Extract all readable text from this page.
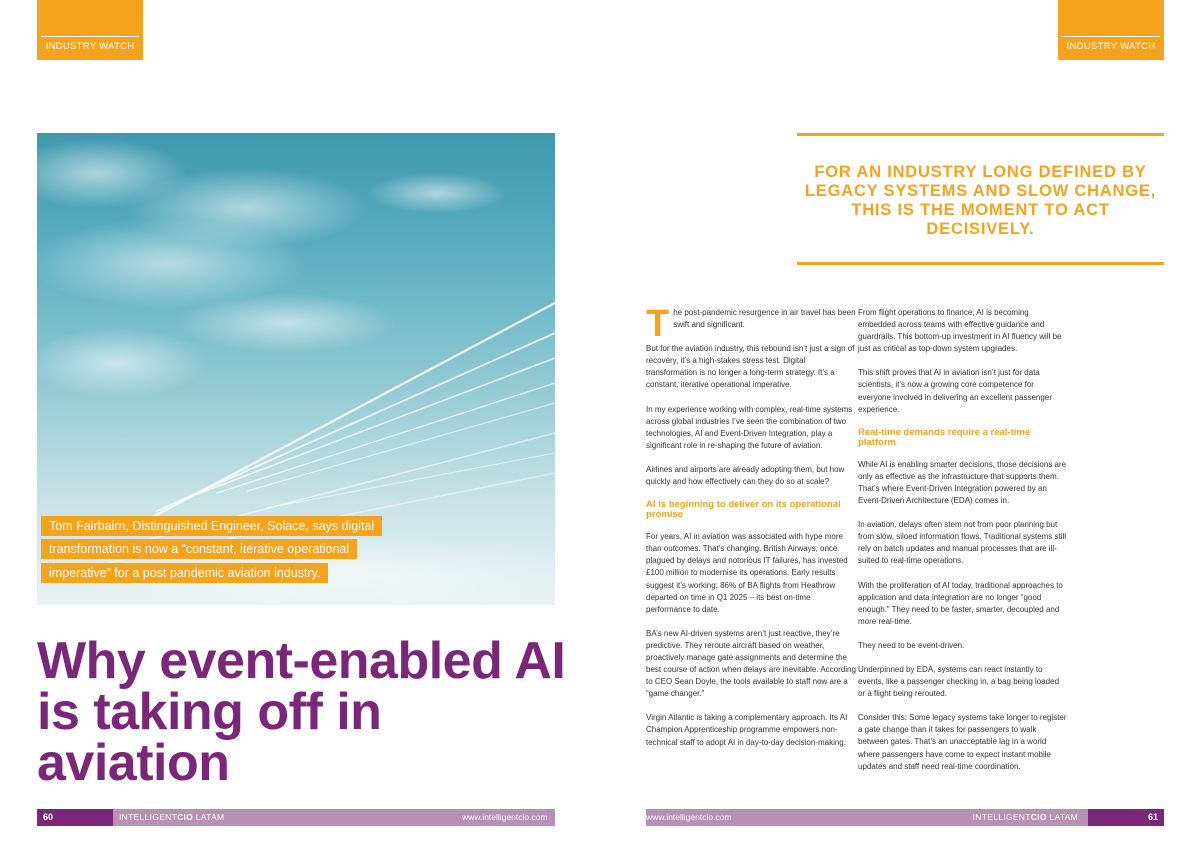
INDUSTRY WATCH	INDUSTRY WATCH
Tom Fairbairn, Distinguished Engineer, Solace, says digital
transformation is now a “constant, iterative operational
imperative” for a post pandemic aviation industry.
Why event-enabled AI is taking off in aviation

FOR AN INDUSTRY LONG DEFINED BY LEGACY SYSTEMS AND SLOW CHANGE, THIS IS THE MOMENT TO ACT DECISIVELY.

The post-pandemic resurgence in air travel has been swift and significant.

But for the aviation industry, this rebound isn’t just a sign of recovery, it’s a high-stakes stress test. Digital transformation is no longer a long-term strategy. It’s a constant, iterative operational imperative.

In my experience working with complex, real-time systems across global industries I’ve seen the combination of two technologies, AI and Event-Driven Integration, play a significant role in re-shaping the future of aviation.

Airlines and airports are already adopting them, but how quickly and how effectively can they do so at scale?

AI is beginning to deliver on its operational promise

For years, AI in aviation was associated with hype more than outcomes. That’s changing. British Airways, once plagued by delays and notorious IT failures, has invested £100 million to modernise its operations. Early results suggest it’s working: 86% of BA flights from Heathrow departed on time in Q1 2025 – its best on-time performance to date.

BA’s new AI-driven systems aren’t just reactive, they’re predictive. They reroute aircraft based on weather, proactively manage gate assignments and determine the best course of action when delays are inevitable. According to CEO Sean Doyle, the tools available to staff now are a “game changer.”

Virgin Atlantic is taking a complementary approach. Its AI Champion Apprenticeship programme empowers non-technical staff to adopt AI in day-to-day decision-making.

From flight operations to finance, AI is becoming embedded across teams with effective guidance and guardrails. This bottom-up investment in AI fluency will be just as critical as top-down system upgrades.

This shift proves that AI in aviation isn’t just for data scientists, it’s now a growing core competence for everyone involved in delivering an excellent passenger experience.

Real-time demands require a real-time platform

While AI is enabling smarter decisions, those decisions are only as effective as the infrastructure that supports them. That’s where Event-Driven Integration powered by an Event-Driven Architecture (EDA) comes in.

In aviation, delays often stem not from poor planning but from slow, siloed information flows. Traditional systems still rely on batch updates and manual processes that are ill-suited to real-time operations.

With the proliferation of AI today, traditional approaches to application and data integration are no longer “good enough.” They need to be faster, smarter, decoupled and more real-time.

They need to be event-driven.

Underpinned by EDA, systems can react instantly to events, like a passenger checking in, a bag being loaded or a flight being rerouted.

Consider this: Some legacy systems take longer to register a gate change than it takes for passengers to walk between gates. That’s an unacceptable lag in a world where passengers have come to expect instant mobile updates and staff need real-time coordination.

60	INTELLIGENTCIO LATAM	www.intelligentcio.com	www.intelligentcio.com	INTELLIGENTCIO LATAM	61
